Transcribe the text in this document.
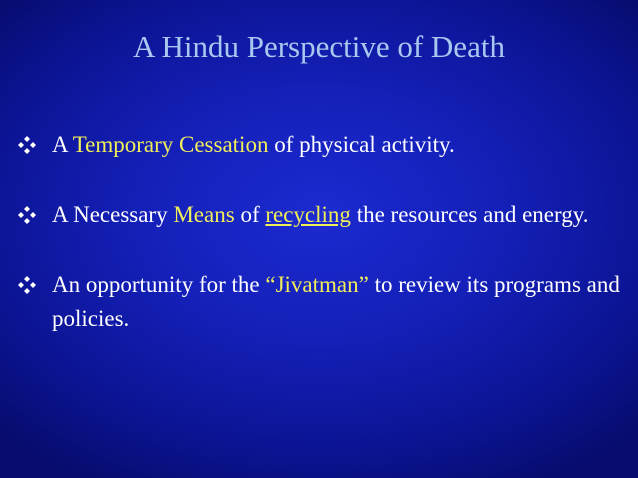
A Hindu Perspective of Death
A Temporary Cessation of physical activity.
A Necessary Means of recycling the resources and energy.
An opportunity for the “Jivatman” to review its programs and policies.
